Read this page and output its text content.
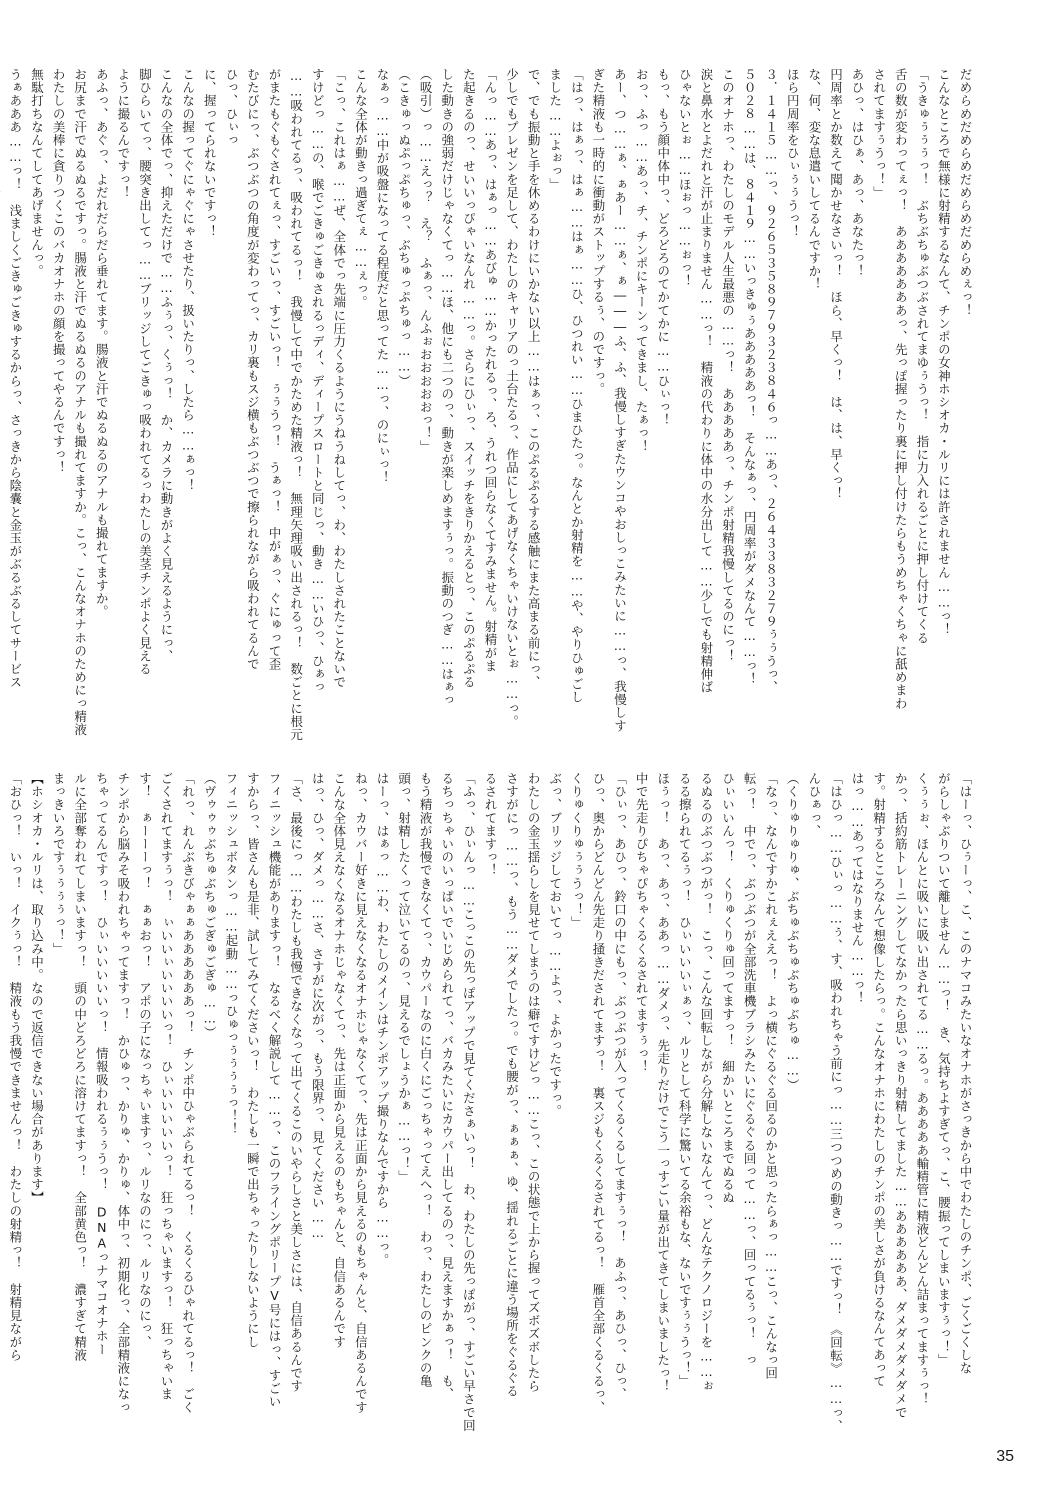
だめらめだめらめだめらめだめらめぇっ！
こんなところで無様に射精するなんて、チンポの女神ホシオカ・ルリには許されません……っ！
「うきゅぅぅぅっ！　ぶちぶちゅぶつぶされてまゆぅうっ！　指に力入れるごとに押し付けてくる
舌の数が変わってぇっ！　あああああああっ、先っぽ握ったり裏に押し付けたらもうめちゃくちゃに舐めまわ
されてますぅうっ！」
あひっ、はひぁ、あっ、あなたっ！
円周率とか数えて聞かせなさいっ！　ほら、早くっ！　は、は、早くっ！
な、何、変な息遣いしてるんですか！
ほら円周率をひぃぅぅうっ！
３．１４１５……っ、９２６５３５８９７９３２３８４６っ……あっ、２６４３３８３２７９ぅぅうっ、
５０２８……は、８４１９……いっきゅぅあああああっ！　そんなぁっ、円周率がダメなんて……っ！
このオナホっ、わたしのモデル人生最悪の……っ！　あああああっ、チンポ射精我慢してるのにっ！
涙と鼻水とよだれと汗が止まりません……っ！　精液の代わりに体中の水分出して……少しでも射精伸ば
ひゃないとぉ……ほぉっ……ぉっ！
もっ、もう顔中体中っ、どろどろのてかてかに……ひぃっ！
おっ、ふっ……あっ、チ、チンポにキーンってきまし、たぁっ！
あー、つ……ぁ、ぁあー……ぁ、ぁ―――ふ、ふ、我慢しすぎたウンコやおしっこみたいに……っ、我慢しす
ぎた精液も一時的に衝動がストップするぅ、のですっ。
「はっ、はぁっ、はぁ……はぁ……ひ、ひつれい……ひまひたっ。なんとか射精を……や、やりひゅごし
ました……よぉっ」
で、でも振動と手を休めるわけにいかない以上……はぁっ、このぷるぷるする感触にまた高まる前にっ、
少しでもプレゼンを足して、わたしのキャリアのっ土台たるっ、作品にしてあげなくちゃいけないとぉ……っ。
「んっ……あっ、はぁっ……あびゅ……かったれるっ、ろ、うれつ回らなくてすみません。射精がま
た起きるのっ、せいいっぴゃいなんれ……っ。さらにひぃっ、スイッチをきりかえるとっ、このぷるぷる
した動きの強弱だけじゃなくてっ……ほ、他にも二つのっ、動きが楽しめますぅっ。振動のつぎ……はぁっ
（吸引）っ……えっ？　え？　ふぁっ、んふぉおおおおおっ！」
（こきゅっぬぷっぷちゅっ、ぶちゅっぷちゅっ……）
なぁっ……中が吸盤になってる程度だと思ってた……っ、のにぃっ！
こんな全体が動きっ過ぎてぇ……ぇっ。
「こっ、これはぁ……ぜ、全体でっ先端に圧力くるようにうねうねしてっ、わ、わたしされたことないで
すけどっ……の、喉でごきゅごきゅされるっディ、ディープスロートと同じっ、動き……いひっ、ひぁっ
……吸われてるっ、吸われてるっ！　我慢して中でかためた精液っ！　無理矢理吸い出されるっ！　数ごとに根元
がまたもぐもぐされてぇっ、すごいっ、すごいっ！　ぅぅうっ！　うぁっ！　中がぁっ、ぐにゅって歪
むたびにっ、ぶつぶつの角度が変わってっ、カリ裏もスジ横もぶつぶつで擦られながら吸われてるんで
ひっ、ひぃっ
に、握ってられないですっ！
こんなの握ってぐにゃぐにゃさせたり、扱いたりっ、したら……ぁっ！
こんなの全体でっ、抑えただけで……ふぅっ、くぅっ！　か、カメラに動きがよく見えるようにっ、
脚ひらいてっ、腰突き出してっ……ブリッジしてごきゅっ吸われてるっわたしの美茎チンポよく見える
ように撮るんですっ！
あふっ、あぐっ、よだれだらだら垂れてます。腸液と汗でぬるぬるのアナルも撮れてますか。
お尻まで汗でぬるぬるですっ。腸液と汗でぬるぬるのアナルも撮れてますか。こっ、こんなオナホのためにっ精液
わたしの美棒に貪りつくこのバカオナホの顔を撮ってやるんですっ！
無駄打ちなんてしてあげませんっ。
うぁあああ……っ！　浅ましくごきゅごきゅするからっ、さっきから陰嚢と金玉がぶるぶるしてサービス
「はーっ、ひぅーっ、こ、このナマコみたいなオナホがさっきから中でわたしのチンポ、ごくごくしな
がらしゃぶりついて離しません……っ！　き、気持ちよすぎてっ、こ、腰振ってしまいますぅっ！」
くぅぅぉ、ほんとに吸いに吸い出されてる……るっ。あああああ輸精管に精液どんどん詰まってますぅっ！
かっ、括約筋トレーニングしてなかったら思いっきり射精してました……ああああああ、ダメダメダメダメで
す。射精するところなんて想像したらっ。こんなオナホにわたしのチンポの美しさが負けるなんてあって
はっ……あってはなりません……っ！
「はひっ……ひぃっ……ぅ、す、吸われちゃう前にっ……三つつめの動きっ……ですっ！　《回転》……っ、
んひぁっ、
（くりゅりゅりゅ、ぶちゅぶちゅぶちゅぶちゅ……）
「なっ、なんですかこれぇええっ！　よっ横にぐるぐる回るのかと思ったらぁっ……こっ、こんなっ回
転っ！　中でっ、ぶつぶつが全部洗車機ブラシみたいにぐるぐる回って……っ、回ってるぅっ！　っ
ひぃいいんっ！　くりゅくりゅ回ってますっ！　細かいところまでぬるぬ
るぬるのぶつぶつがっ！　こっ、こんな回転しながら分解しないなんてっ、どんなテクノロジーを……ぉ
るる擦られてるぅっ！　ひぃいいいぃぁっ、ルリとして科学に驚いてる余裕もな、ないですぅぅうっ！」
ほぅっ！　あっ、あっ、ああっ……ダメっ、先走りだけでこう一っすごい量が出てきてしまいましたっ！
中で先走りぴちゃぴちゃくるくるされてますぅっ！
「ひぃっ、あひっ、鈴口の中にもっ、ぶつぶつが入ってくるくるしてますぅっ！　あふっ、あひっ、ひっ、
ひっ、奥からどんどん先走り掻きだされてますっ！　裏スジもくるくるされてるっ！　雁首全部くるくるっ、
くりゅくりゅぅぅうっ！」
ぶっ、ブリッジしておいてっ……よっ、よかったですっ。
わたしの金玉揺らしを見せてしまうのは癖ですけどっ……こっ、この状態で上から握ってズボズボしたら
さすがにっ……っ、もう……ダメでしたっ。でも腰がっ、ぁぁぁ、ゆ、揺れるごとに違う場所をぐるぐる
るされてますっ！
「ふっ、ひぃんっ……こっこの先っぽアップで見てくださぁいっ！　わ、わたしの先っぽがっ、すごい早さで回
るちっちゃいのいっぱいでいじめられてっ、バカみたいにカウパー出してるのっ、見えますかぁっ！　も、
もう精液が我慢できなくてっ、カウパーなのに白くにごっちゃってえへっ！　わっ、わたしのピンクの亀
頭っ、射精したくって泣いてるのっ、見えるでしょうかぁ……っ！」
はーっ、はぁっ……わ、わたしのメインはチンポアップ撮りなんですから……っ。
ねっ、カウバー好きに見えなくなるオナホじゃなくてっ、先は正面から見えるのもちゃんと、自信あるんです
こんな全体見えなくなるオナホじゃなくてっ、先は正面から見えるのもちゃんと、自信あるんです
はっ、ひっ、ダメっ……さ、さすがに次がっ、もう限界っ、見てください……
「さ、最後にっ……わたしも我慢できなくなって出てくるこのいやらしさと美しさには、自信あるんです
フィニッシュ機能がありますっ！　なるべく解説して……っ、このフライングポリープV号にはっ、すごい
すからっ、皆さんも是非、試してみてくださいっ！　わたしも一瞬で出ちゃったりしないようにし
フィニッシュボタンっ……起動……っひゅっぅぅぅぅっ！！
（ヴゥゥゥぶちゅぶちゅごぎゅごぎゅ……）
「れっ、れんぶきびゃぁぁああああああっ！　チンポ中ひゃぶられてるっ！　くるくるひゃれてるっ！　ごく
ごくされてますぅっ！　ぃいいぃいいいいっ！　ひぃいいいいいっ！　狂っちゃいますっ！　狂っちゃいま
す！　ぁーーーっ！　ぁぁおっ！　アポの子になっちゃいますっ、ルリなのにっ、ルリなのにっ、
チンポから脳みそ吸われちゃってますっ！　かひゅっ、かりゅ、かりゅ、体中っ、初期化っ、全部精液になっ
ちゃってるんですっ！　ひぃいいいいいっ！　情報吸われるぅぅうっ！　DNAっナマコオナホー
ルに全部奪われてしまいますっ！　頭の中どろどろに溶けてますっ！　全部黄色っ！　濃すぎて精液
まっきいろですぅぅぅぅっ！」
【ホシオカ・ルリは、取り込み中。なので返信できない場合があります】
「おひっ！　いっ！　イクぅっ！　精液もう我慢できませんっ！　わたしの射精っ！　射精見ながら
35
